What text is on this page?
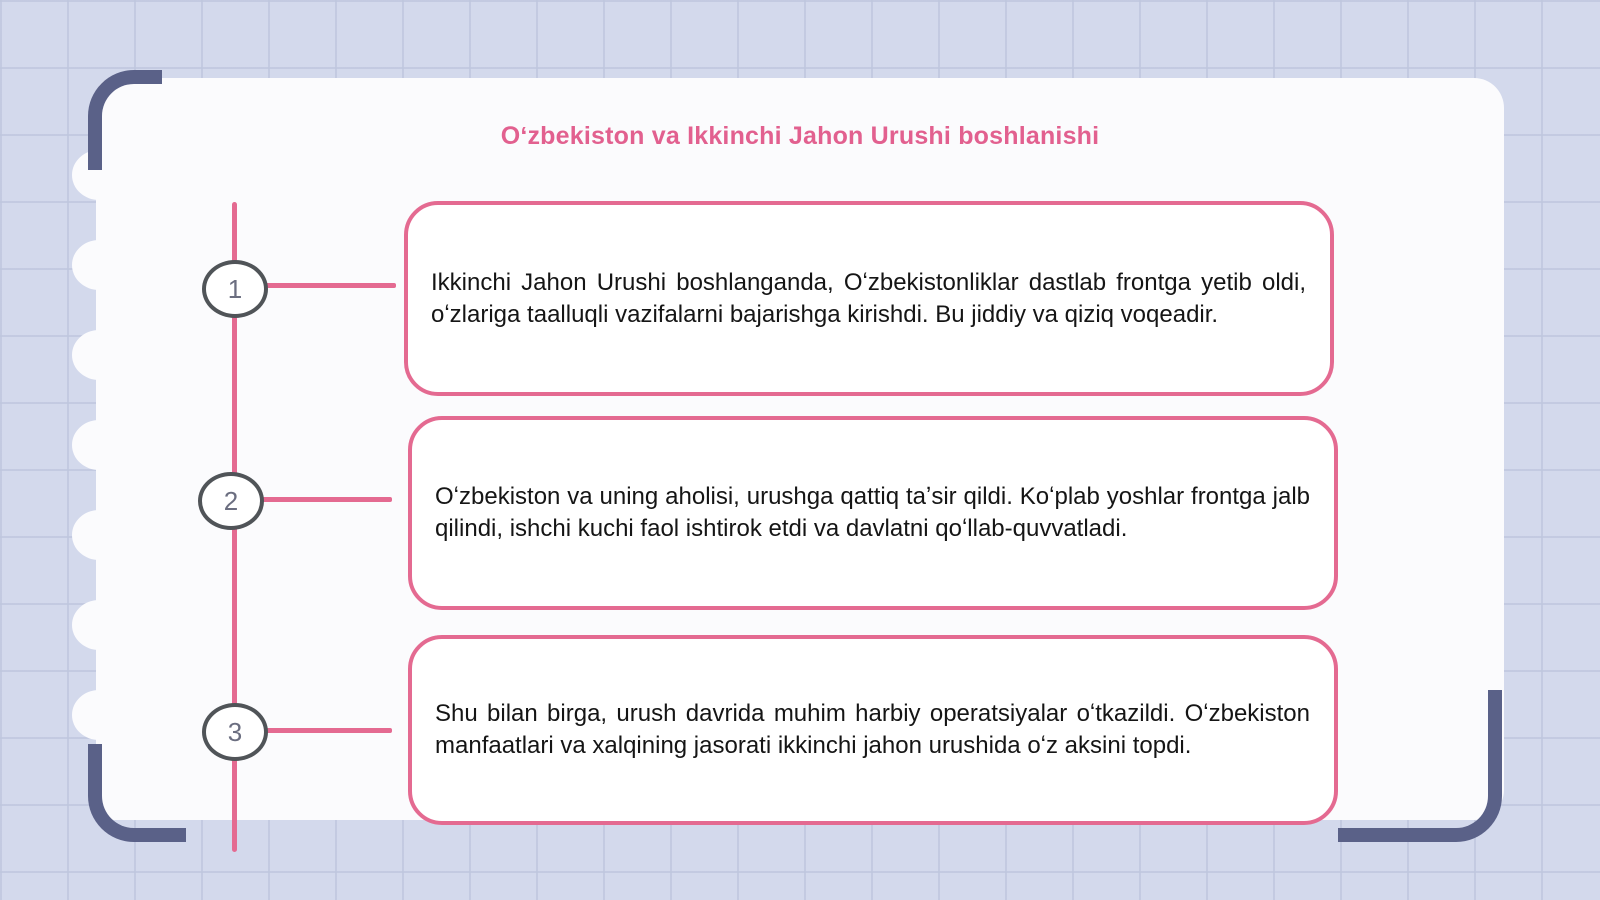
Oʻzbekiston va Ikkinchi Jahon Urushi boshlanishi
1
2
3
Ikkinchi Jahon Urushi boshlanganda, Oʻzbekistonliklar dastlab frontga yetib oldi, oʻzlariga taalluqli vazifalarni bajarishga kirishdi. Bu jiddiy va qiziq voqeadir.
Oʻzbekiston va uning aholisi, urushga qattiq taʼsir qildi. Koʻplab yoshlar frontga jalb qilindi, ishchi kuchi faol ishtirok etdi va davlatni qoʻllab-quvvatladi.
Shu bilan birga, urush davrida muhim harbiy operatsiyalar oʻtkazildi. Oʻzbekiston manfaatlari va xalqining jasorati ikkinchi jahon urushida oʻz aksini topdi.
